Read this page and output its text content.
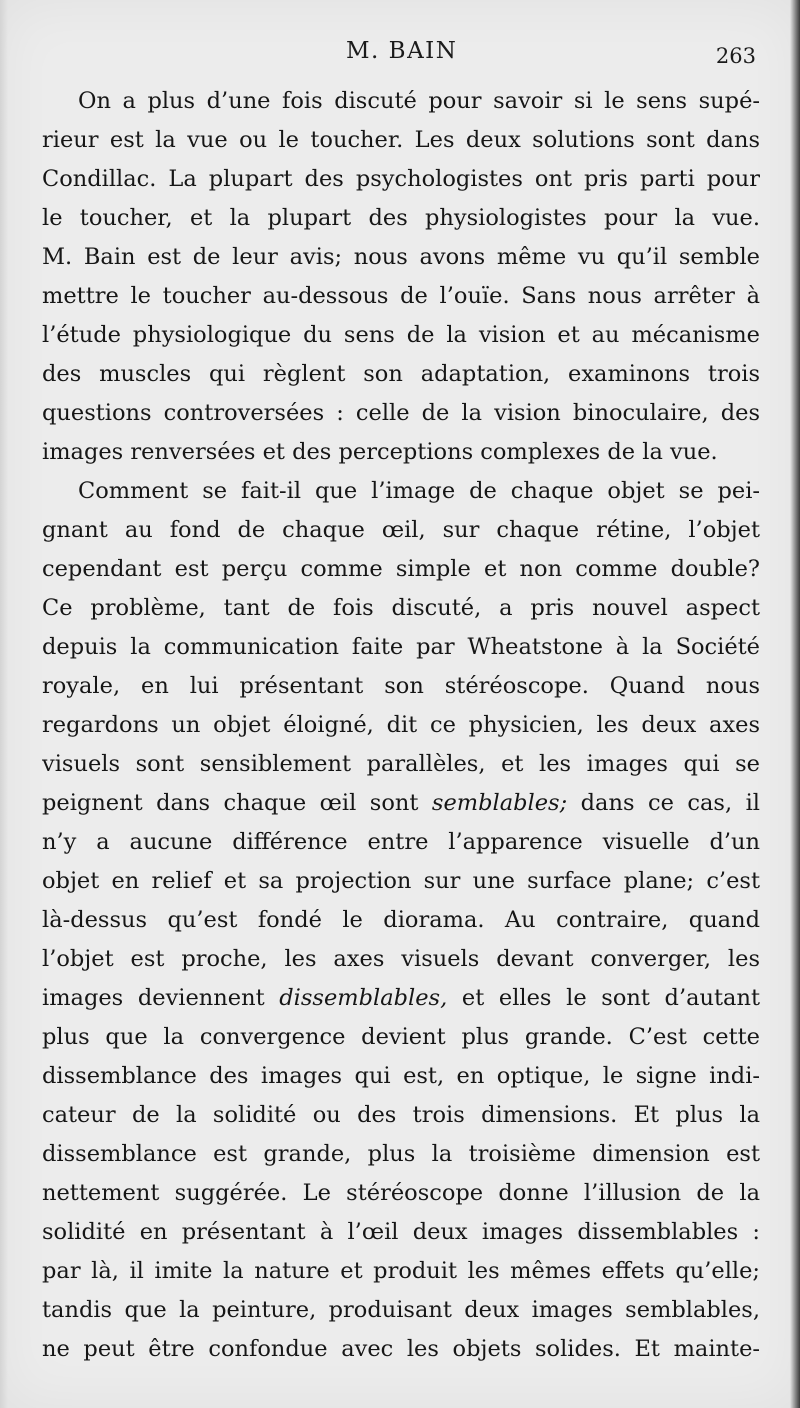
M. BAIN	263
On a plus d’une fois discuté pour savoir si le sens supé-
rieur est la vue ou le toucher. Les deux solutions sont dans
Condillac. La plupart des psychologistes ont pris parti pour
le toucher, et la plupart des physiologistes pour la vue.
M. Bain est de leur avis; nous avons même vu qu’il semble
mettre le toucher au-dessous de l’ouïe. Sans nous arrêter à
l’étude physiologique du sens de la vision et au mécanisme
des muscles qui règlent son adaptation, examinons trois
questions controversées : celle de la vision binoculaire, des
images renversées et des perceptions complexes de la vue.
Comment se fait-il que l’image de chaque objet se pei-
gnant au fond de chaque œil, sur chaque rétine, l’objet
cependant est perçu comme simple et non comme double?
Ce problème, tant de fois discuté, a pris nouvel aspect
depuis la communication faite par Wheatstone à la Société
royale, en lui présentant son stéréoscope. Quand nous
regardons un objet éloigné, dit ce physicien, les deux axes
visuels sont sensiblement parallèles, et les images qui se
peignent dans chaque œil sont semblables; dans ce cas, il
n’y a aucune différence entre l’apparence visuelle d’un
objet en relief et sa projection sur une surface plane; c’est
là-dessus qu’est fondé le diorama. Au contraire, quand
l’objet est proche, les axes visuels devant converger, les
images deviennent dissemblables, et elles le sont d’autant
plus que la convergence devient plus grande. C’est cette
dissemblance des images qui est, en optique, le signe indi-
cateur de la solidité ou des trois dimensions. Et plus la
dissemblance est grande, plus la troisième dimension est
nettement suggérée. Le stéréoscope donne l’illusion de la
solidité en présentant à l’œil deux images dissemblables :
par là, il imite la nature et produit les mêmes effets qu’elle;
tandis que la peinture, produisant deux images semblables,
ne peut être confondue avec les objets solides. Et mainte-
